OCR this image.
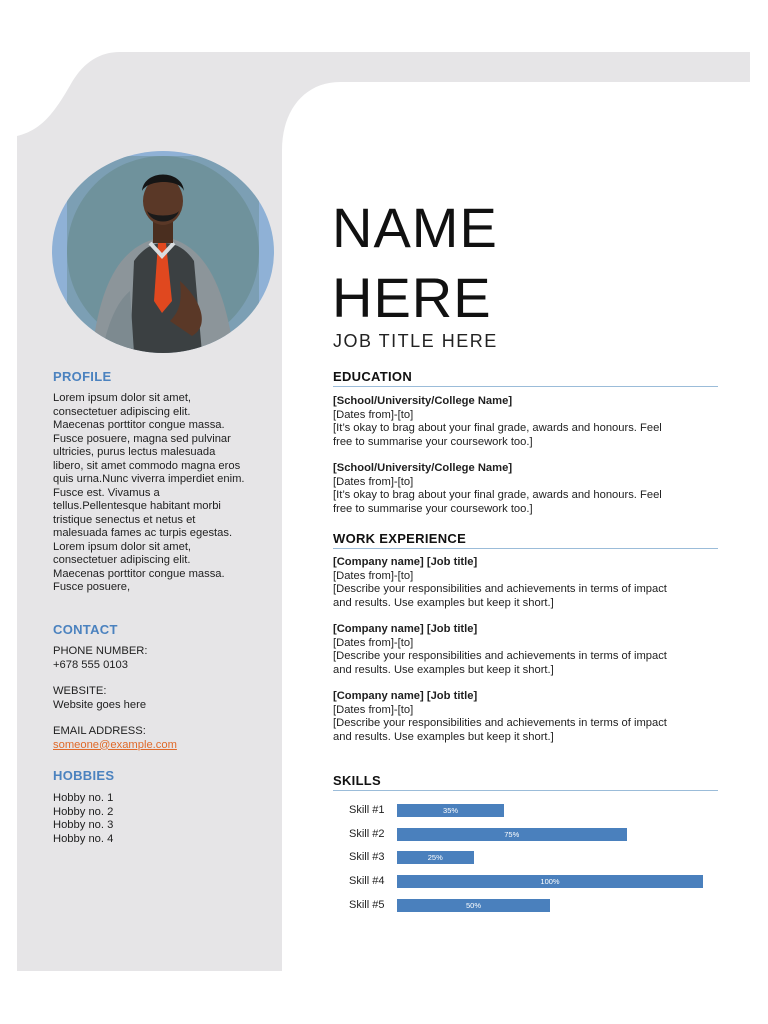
PROFILE

Lorem ipsum dolor sit amet,

consectetuer adipiscing elit.

Maecenas porttitor congue massa.

Fusce posuere, magna sed pulvinar

ultricies, purus lectus malesuada

libero, sit amet commodo magna eros

quis urna.Nunc viverra imperdiet enim.

Fusce est. Vivamus a

tellus.Pellentesque habitant morbi

tristique senectus et netus et

malesuada fames ac turpis egestas.

Lorem ipsum dolor sit amet,

consectetuer adipiscing elit.

Maecenas porttitor congue massa.

Fusce posuere,

CONTACT

PHONE NUMBER:

+678 555 0103

WEBSITE:

Website goes here

EMAIL ADDRESS:

someone@example.com

HOBBIES

Hobby no. 1

Hobby no. 2

Hobby no. 3

Hobby no. 4

NAME
HERE
JOB TITLE HERE
EDUCATION
[School/University/College Name]
[Dates from]-[to]
[It’s okay to brag about your final grade, awards and honours. Feel
free to summarise your coursework too.]
[School/University/College Name]
[Dates from]-[to]
[It’s okay to brag about your final grade, awards and honours. Feel
free to summarise your coursework too.]
WORK EXPERIENCE
[Company name] [Job title]
[Dates from]-[to]
[Describe your responsibilities and achievements in terms of impact
and results. Use examples but keep it short.]
[Company name] [Job title]
[Dates from]-[to]
[Describe your responsibilities and achievements in terms of impact
and results. Use examples but keep it short.]
[Company name] [Job title]
[Dates from]-[to]
[Describe your responsibilities and achievements in terms of impact
and results. Use examples but keep it short.]
SKILLS
Skill #1	35%
Skill #2	75%
Skill #3	25%
Skill #4	100%
Skill #5	50%
